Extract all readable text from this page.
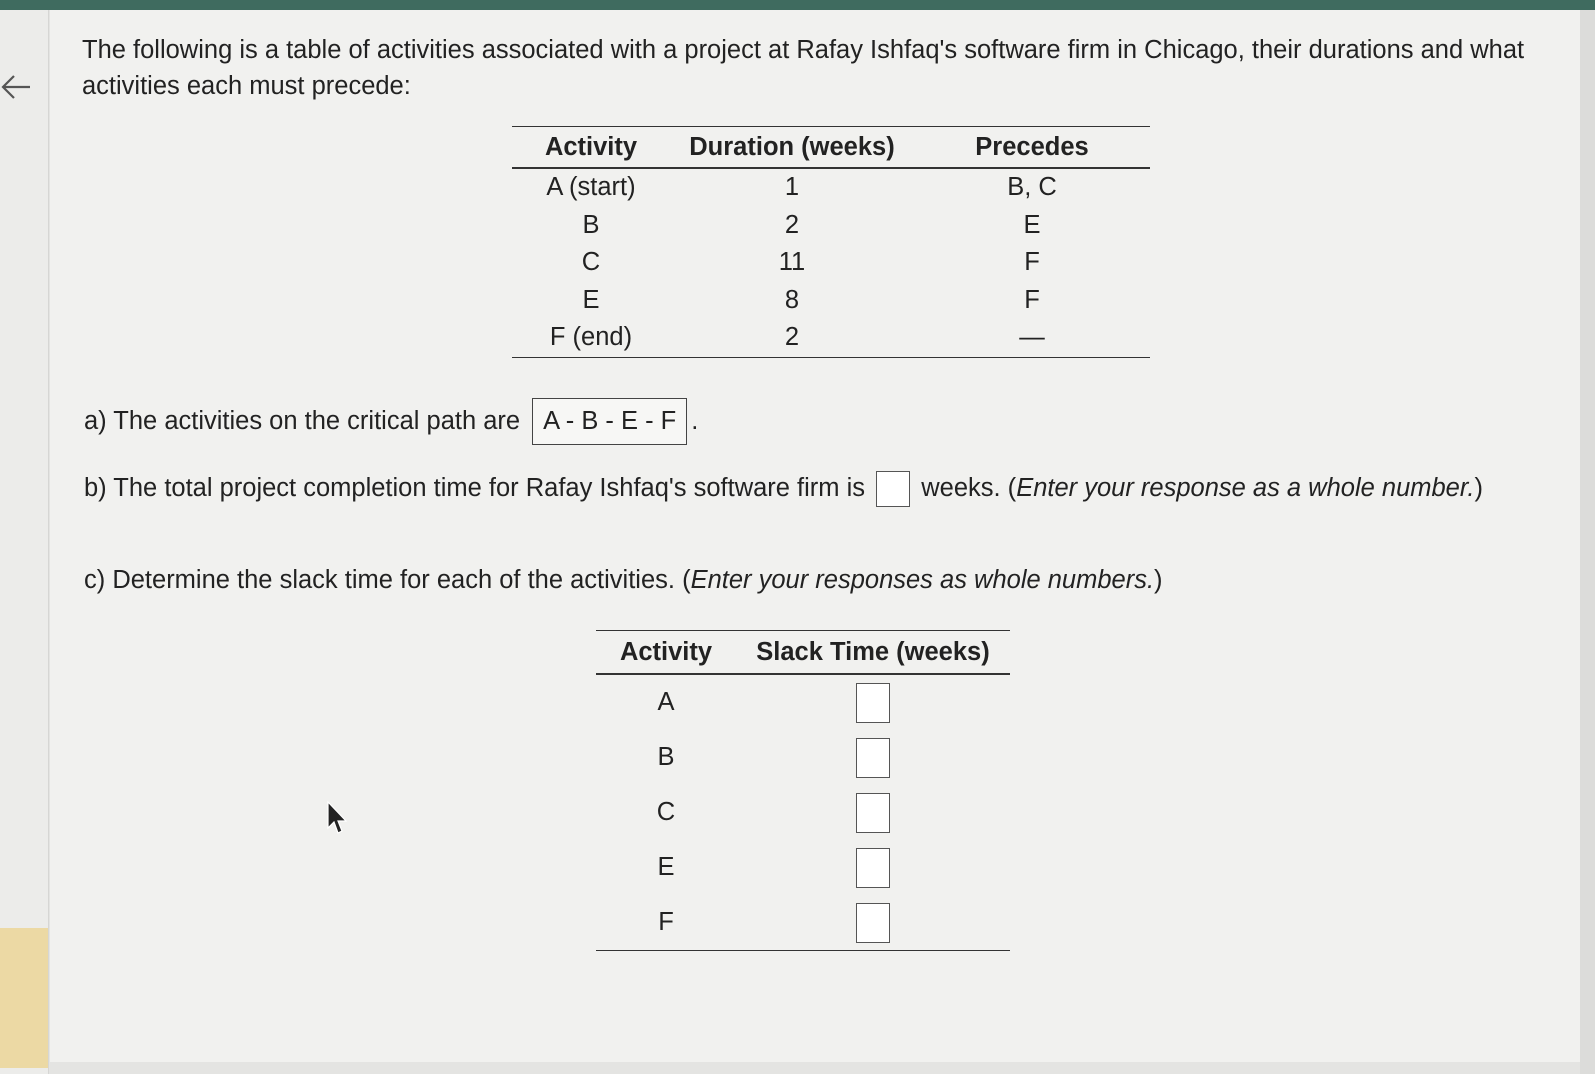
The following is a table of activities associated with a project at Rafay Ishfaq's software firm in Chicago, their durations and what activities each must precede:
Activity	Duration (weeks)	Precedes
A (start)	1	B, C
B	2	E
C	11	F
E	8	F
F (end)	2	—
a) The activities on the critical path are A - B - E - F .
b) The total project completion time for Rafay Ishfaq's software firm is weeks. (Enter your response as a whole number.)
c) Determine the slack time for each of the activities. (Enter your responses as whole numbers.)
Activity	Slack Time (weeks)
A	
B	
C	
E	
F	
